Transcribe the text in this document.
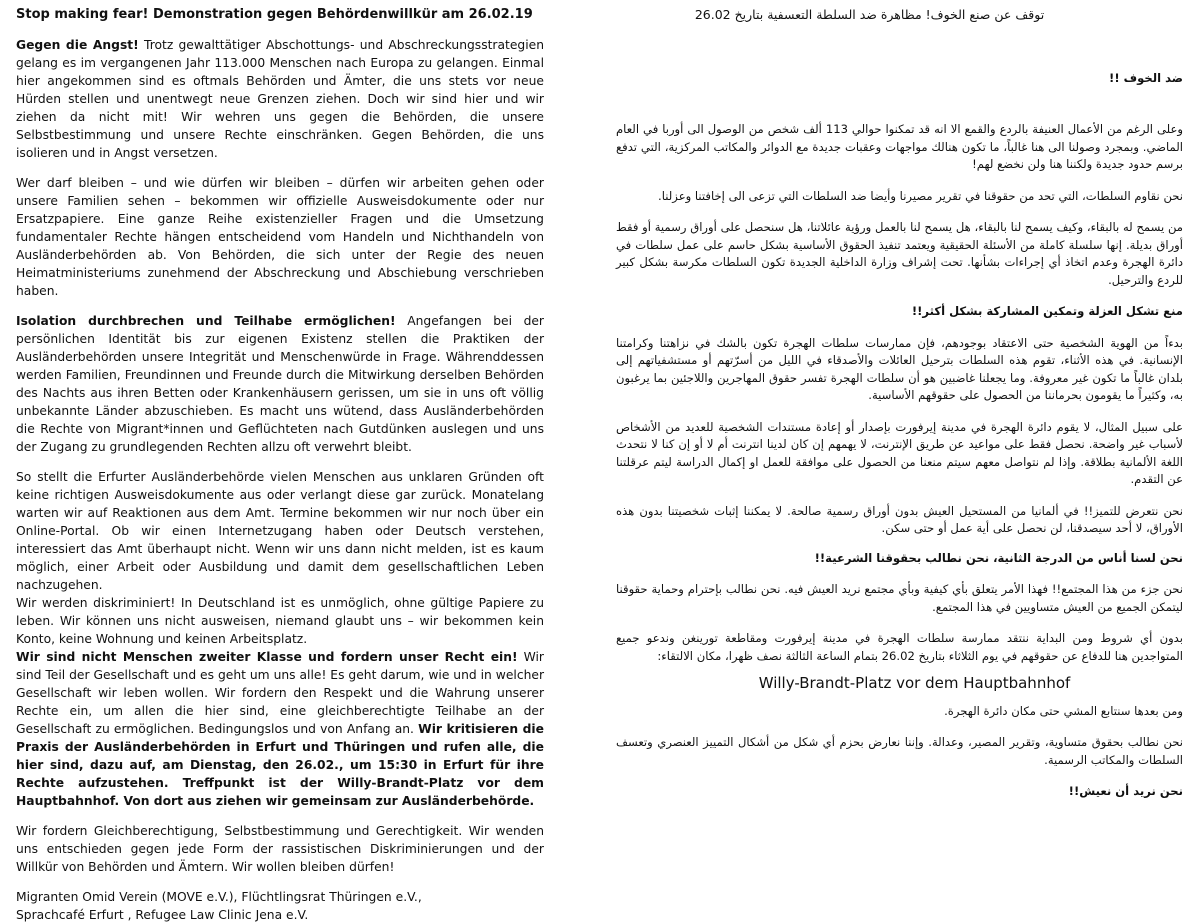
Stop making fear! Demonstration gegen Behördenwillkür am 26.02.19

Gegen die Angst! Trotz gewalttätiger Abschottungs- und Abschreckungsstrategien gelang es im vergangenen Jahr 113.000 Menschen nach Europa zu gelangen. Einmal hier angekommen sind es oftmals Behörden und Ämter, die uns stets vor neue Hürden stellen und unentwegt neue Grenzen ziehen. Doch wir sind hier und wir ziehen da nicht mit! Wir wehren uns gegen die Behörden, die unsere Selbstbestimmung und unsere Rechte einschränken. Gegen Behörden, die uns isolieren und in Angst versetzen.

Wer darf bleiben – und wie dürfen wir bleiben – dürfen wir arbeiten gehen oder unsere Familien sehen – bekommen wir offizielle Ausweisdokumente oder nur Ersatzpapiere. Eine ganze Reihe existenzieller Fragen und die Umsetzung fundamentaler Rechte hängen entscheidend vom Handeln und Nichthandeln von Ausländerbehörden ab. Von Behörden, die sich unter der Regie des neuen Heimatministeriums zunehmend der Abschreckung und Abschiebung verschrieben haben.

Isolation durchbrechen und Teilhabe ermöglichen! Angefangen bei der persönlichen Identität bis zur eigenen Existenz stellen die Praktiken der Ausländerbehörden unsere Integrität und Menschenwürde in Frage. Währenddessen werden Familien, Freundinnen und Freunde durch die Mitwirkung derselben Behörden des Nachts aus ihren Betten oder Krankenhäusern gerissen, um sie in uns oft völlig unbekannte Länder abzuschieben. Es macht uns wütend, dass Ausländerbehörden die Rechte von Migrant*innen und Geflüchteten nach Gutdünken auslegen und uns der Zugang zu grundlegenden Rechten allzu oft verwehrt bleibt.

So stellt die Erfurter Ausländerbehörde vielen Menschen aus unklaren Gründen oft keine richtigen Ausweisdokumente aus oder verlangt diese gar zurück. Monatelang warten wir auf Reaktionen aus dem Amt. Termine bekommen wir nur noch über ein Online-Portal. Ob wir einen Internetzugang haben oder Deutsch verstehen, interessiert das Amt überhaupt nicht. Wenn wir uns dann nicht melden, ist es kaum möglich, einer Arbeit oder Ausbildung und damit dem gesellschaftlichen Leben nachzugehen.

Wir werden diskriminiert! In Deutschland ist es unmöglich, ohne gültige Papiere zu leben. Wir können uns nicht ausweisen, niemand glaubt uns – wir bekommen kein Konto, keine Wohnung und keinen Arbeitsplatz.

Wir sind nicht Menschen zweiter Klasse und fordern unser Recht ein! Wir sind Teil der Gesellschaft und es geht um uns alle! Es geht darum, wie und in welcher Gesellschaft wir leben wollen. Wir fordern den Respekt und die Wahrung unserer Rechte ein, um allen die hier sind, eine gleichberechtigte Teilhabe an der Gesellschaft zu ermöglichen. Bedingungslos und von Anfang an. Wir kritisieren die Praxis der Ausländerbehörden in Erfurt und Thüringen und rufen alle, die hier sind, dazu auf, am Dienstag, den 26.02., um 15:30 in Erfurt für ihre Rechte aufzustehen. Treffpunkt ist der Willy-Brandt-Platz vor dem Hauptbahnhof. Von dort aus ziehen wir gemeinsam zur Ausländerbehörde.

Wir fordern Gleichberechtigung, Selbstbestimmung und Gerechtigkeit. Wir wenden uns entschieden gegen jede Form der rassistischen Diskriminierungen und der Willkür von Behörden und Ämtern. Wir wollen bleiben dürfen!

Migranten Omid Verein (MOVE e.V.), Flüchtlingsrat Thüringen e.V.,
Sprachcafé Erfurt , Refugee Law Clinic Jena e.V.

توقف عن صنع الخوف! مظاهرة ضد السلطة التعسفية بتاريخ 26.02

ضد الخوف !!

وعلى الرغم من الأعمال العنيفة بالردع والقمع الا انه قد تمكنوا حوالي 113 ألف شخص من الوصول الى أوربا في العام الماضي. وبمجرد وصولنا الى هنا غالباً، ما تكون هنالك مواجهات وعقبات جديدة مع الدوائر والمكاتب المركزية، التي تدفع برسم حدود جديدة ولكننا هنا ولن نخضع لهم!

نحن نقاوم السلطات، التي تحد من حقوقنا في تقرير مصيرنا وأيضا ضد السلطات التي تزعى الى إخافتنا وعزلنا.

من يسمح له بالبقاء، وكيف يسمح لنا بالبقاء، هل يسمح لنا بالعمل ورؤية عائلاتنا، هل سنحصل على أوراق رسمية أو فقط أوراق بديلة. إنها سلسلة كاملة من الأسئلة الحقيقية ويعتمد تنفيذ الحقوق الأساسية بشكل حاسم على عمل سلطات في دائرة الهجرة وعدم اتخاذ أي إجراءات بشأنها. تحت إشراف وزارة الداخلية الجديدة تكون السلطات مكرسة بشكل كبير للردع والترحيل.

منع تشكل العزلة وتمكين المشاركة بشكل أكثر!!

بدءاً من الهوية الشخصية حتى الاعتقاد بوجودهم، فإن ممارسات سلطات الهجرة تكون بالشك في نزاهتنا وكرامتنا الإنسانية. في هذه الأثناء، تقوم هذه السلطات بترحيل العائلات والأصدقاء في الليل من أسرّتهم أو مستشفياتهم إلى بلدان غالباً ما تكون غير معروفة. وما يجعلنا غاضبين هو أن سلطات الهجرة تفسر حقوق المهاجرين واللاجئين بما يرغبون به، وكثيراً ما يقومون بحرماننا من الحصول على حقوقهم الأساسية.

على سبيل المثال، لا يقوم دائرة الهجرة في مدينة إيرفورت بإصدار أو إعادة مستندات الشخصية للعديد من الأشخاص لأسباب غير واضحة. نحصل فقط على مواعيد عن طريق الإنترنت، لا يهمهم إن كان لدينا انترنت أم لا أو إن كنا لا نتحدث اللغة الألمانية بطلاقة. وإذا لم نتواصل معهم سيتم منعنا من الحصول على موافقة للعمل او إكمال الدراسة ليتم عرقلتنا عن التقدم.

نحن نتعرض للتميز!! في ألمانيا من المستحيل العيش بدون أوراق رسمية صالحة. لا يمكننا إثبات شخصيتنا بدون هذه الأوراق، لا أحد سيصدقنا، لن نحصل على أية عمل أو حتى سكن.

نحن لسنا أناس من الدرجة الثانية، نحن نطالب بحقوقنا الشرعية!!

نحن جزء من هذا المجتمع!! فهذا الأمر يتعلق بأي كيفية وبأي مجتمع نريد العيش فيه. نحن نطالب بإحترام وحماية حقوقنا ليتمكن الجميع من العيش متساويين في هذا المجتمع.

بدون أي شروط ومن البداية ننتقد ممارسة سلطات الهجرة في مدينة إيرفورت ومقاطعة تورينغن وندعو جميع المتواجدين هنا للدفاع عن حقوقهم في يوم الثلاثاء بتاريخ 26.02 بتمام الساعة الثالثة نصف ظهرا، مكان الالتقاء:

Willy-Brandt-Platz vor dem Hauptbahnhof

ومن بعدها سنتابع المشي حتى مكان دائرة الهجرة.

نحن نطالب بحقوق متساوية، وتقرير المصير، وعدالة. وإننا نعارض بحزم أي شكل من أشكال التمييز العنصري وتعسف السلطات والمكاتب الرسمية.

نحن نريد أن نعيش!!
